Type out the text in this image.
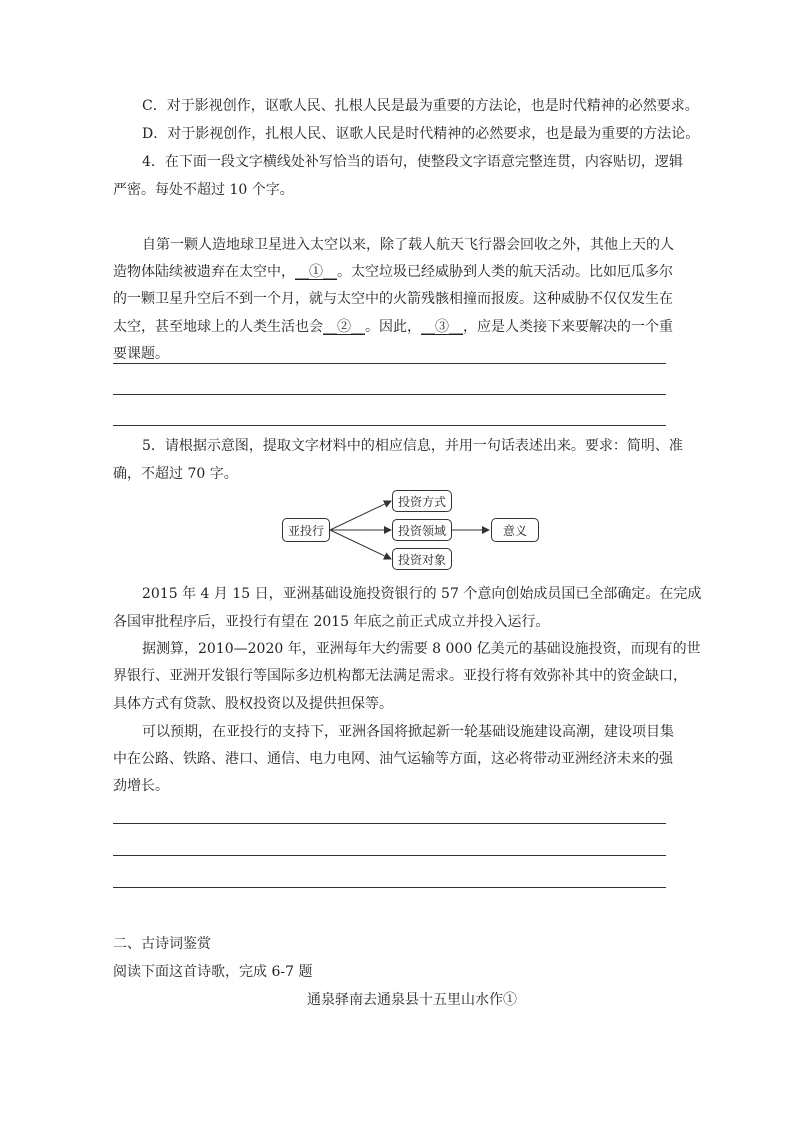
C．对于影视创作，讴歌人民、扎根人民是最为重要的方法论，也是时代精神的必然要求。
D．对于影视创作，扎根人民、讴歌人民是时代精神的必然要求，也是最为重要的方法论。
4．在下面一段文字横线处补写恰当的语句，使整段文字语意完整连贯，内容贴切，逻辑
严密。每处不超过 10 个字。
自第一颗人造地球卫星进入太空以来，除了载人航天飞行器会回收之外，其他上天的人
造物体陆续被遗弃在太空中，__①__。太空垃圾已经威胁到人类的航天活动。比如厄瓜多尔
的一颗卫星升空后不到一个月，就与太空中的火箭残骸相撞而报废。这种威胁不仅仅发生在
太空，甚至地球上的人类生活也会__②__。因此，__③__，应是人类接下来要解决的一个重
要课题。
5．请根据示意图，提取文字材料中的相应信息，并用一句话表述出来。要求：简明、准
确，不超过 70 字。
亚投行
投资方式
投资领域
投资对象
意义
2015 年 4 月 15 日，亚洲基础设施投资银行的 57 个意向创始成员国已全部确定。在完成
各国审批程序后，亚投行有望在 2015 年底之前正式成立并投入运行。
据测算，2010—2020 年，亚洲每年大约需要 8 000 亿美元的基础设施投资，而现有的世
界银行、亚洲开发银行等国际多边机构都无法满足需求。亚投行将有效弥补其中的资金缺口，
具体方式有贷款、股权投资以及提供担保等。
可以预期，在亚投行的支持下，亚洲各国将掀起新一轮基础设施建设高潮，建设项目集
中在公路、铁路、港口、通信、电力电网、油气运输等方面，这必将带动亚洲经济未来的强
劲增长。
二、古诗词鉴赏
阅读下面这首诗歌，完成 6-7 题
通泉驿南去通泉县十五里山水作①
